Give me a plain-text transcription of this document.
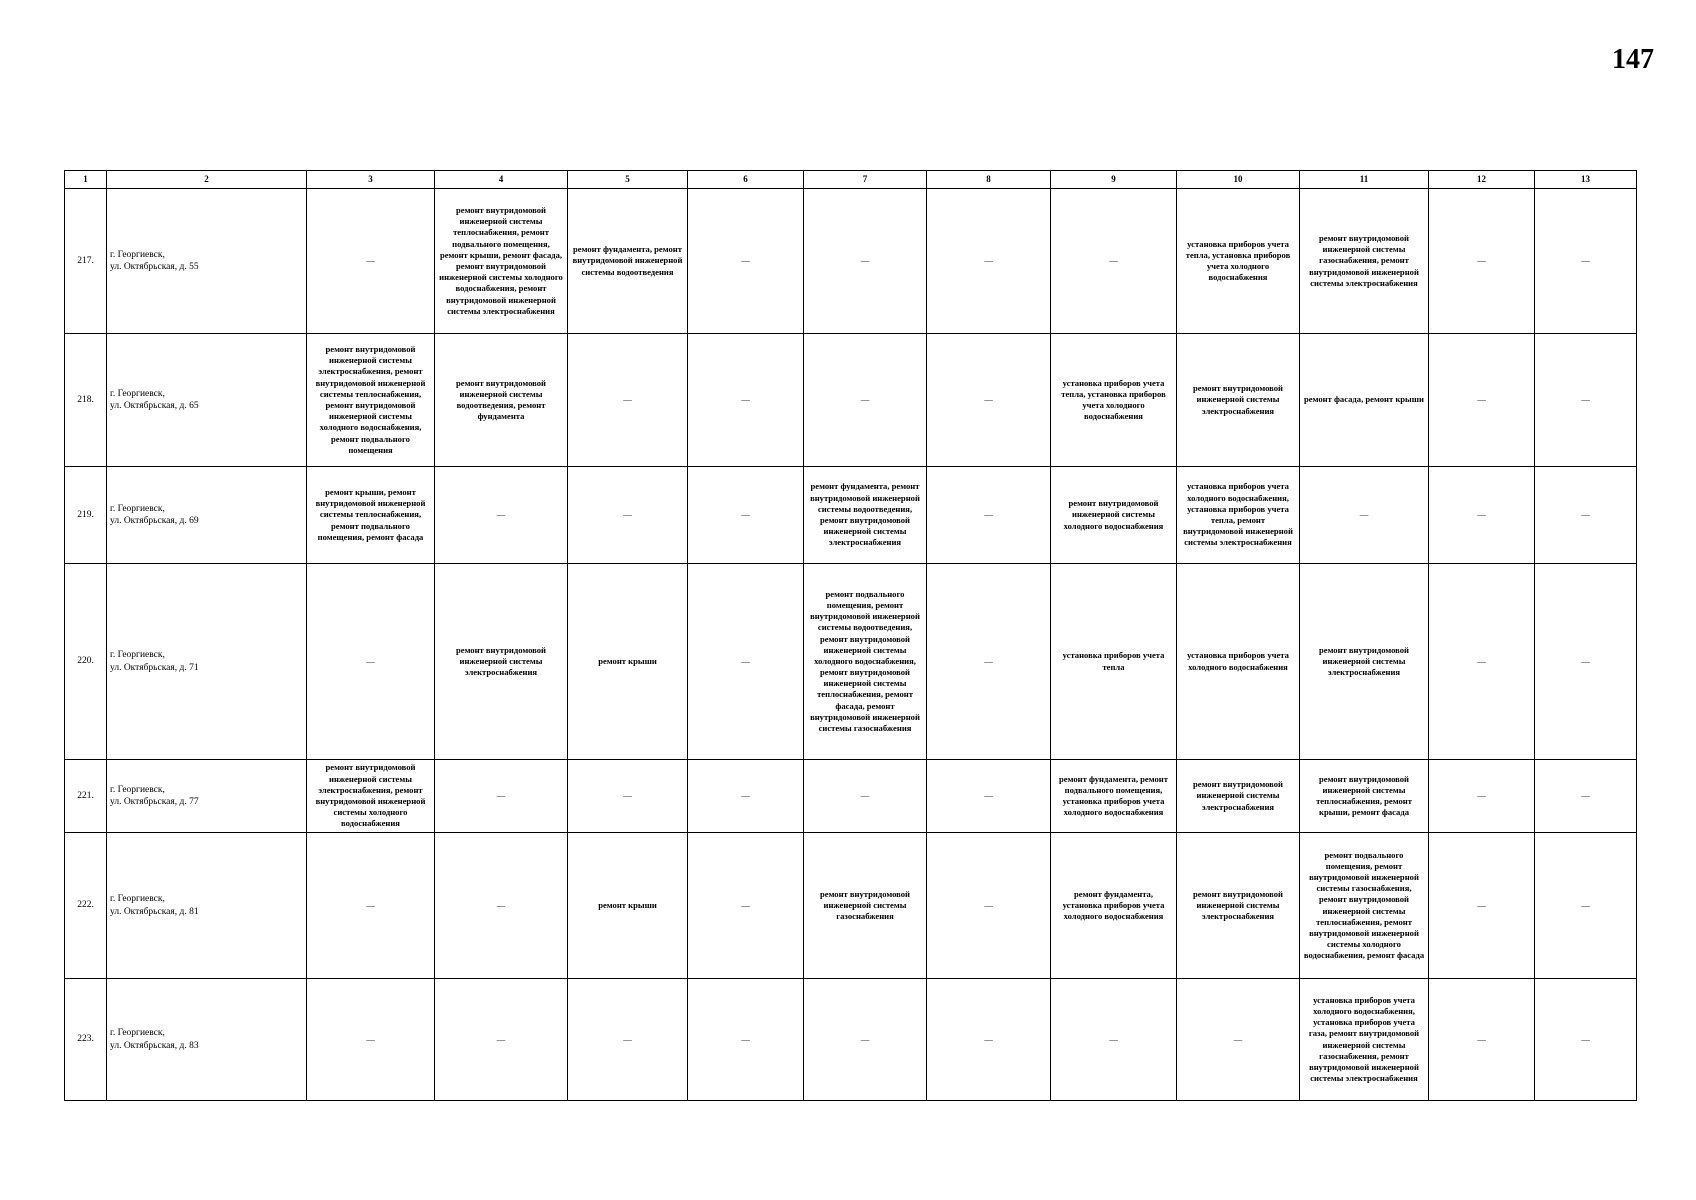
147
1	2	3	4	5	6	7	8	9	10	11	12	13
217.	г. Георгиевск,
ул. Октябрьская, д. 55	—	ремонт внутридомовой инженерной системы теплоснабжения, ремонт подвального помещения, ремонт крыши, ремонт фасада, ремонт внутридомовой инженерной системы холодного водоснабжения, ремонт внутридомовой инженерной системы электроснабжения	ремонт фундамента, ремонт внутридомовой инженерной системы водоотведения	—	—	—	—	установка приборов учета тепла, установка приборов учета холодного водоснабжения	ремонт внутридомовой инженерной системы газоснабжения, ремонт внутридомовой инженерной системы электроснабжения	—	—
218.	г. Георгиевск,
ул. Октябрьская, д. 65	ремонт внутридомовой инженерной системы электроснабжения, ремонт внутридомовой инженерной системы теплоснабжения, ремонт внутридомовой инженерной системы холодного водоснабжения, ремонт подвального помещения	ремонт внутридомовой инженерной системы водоотведения, ремонт фундамента	—	—	—	—	установка приборов учета тепла, установка приборов учета холодного водоснабжения	ремонт внутридомовой инженерной системы электроснабжения	ремонт фасада, ремонт крыши	—	—
219.	г. Георгиевск,
ул. Октябрьская, д. 69	ремонт крыши, ремонт внутридомовой инженерной системы теплоснабжения, ремонт подвального помещения, ремонт фасада	—	—	—	ремонт фундамента, ремонт внутридомовой инженерной системы водоотведения, ремонт внутридомовой инженерной системы электроснабжения	—	ремонт внутридомовой инженерной системы холодного водоснабжения	установка приборов учета холодного водоснабжения, установка приборов учета тепла, ремонт внутридомовой инженерной системы электроснабжения	—	—	—
220.	г. Георгиевск,
ул. Октябрьская, д. 71	—	ремонт внутридомовой инженерной системы электроснабжения	ремонт крыши	—	ремонт подвального помещения, ремонт внутридомовой инженерной системы водоотведения, ремонт внутридомовой инженерной системы холодного водоснабжения, ремонт внутридомовой инженерной системы теплоснабжения, ремонт фасада, ремонт внутридомовой инженерной системы газоснабжения	—	установка приборов учета тепла	установка приборов учета холодного водоснабжения	ремонт внутридомовой инженерной системы электроснабжения	—	—
221.	г. Георгиевск,
ул. Октябрьская, д. 77	ремонт внутридомовой инженерной системы электроснабжения, ремонт внутридомовой инженерной системы холодного водоснабжения	—	—	—	—	—	ремонт фундамента, ремонт подвального помещения, установка приборов учета холодного водоснабжения	ремонт внутридомовой инженерной системы электроснабжения	ремонт внутридомовой инженерной системы теплоснабжения, ремонт крыши, ремонт фасада	—	—
222.	г. Георгиевск,
ул. Октябрьская, д. 81	—	—	ремонт крыши	—	ремонт внутридомовой инженерной системы газоснабжения	—	ремонт фундамента, установка приборов учета холодного водоснабжения	ремонт внутридомовой инженерной системы электроснабжения	ремонт подвального помещения, ремонт внутридомовой инженерной системы газоснабжения, ремонт внутридомовой инженерной системы теплоснабжения, ремонт внутридомовой инженерной системы холодного водоснабжения, ремонт фасада	—	—
223.	г. Георгиевск,
ул. Октябрьская, д. 83	—	—	—	—	—	—	—	—	установка приборов учета холодного водоснабжения, установка приборов учета газа, ремонт внутридомовой инженерной системы газоснабжения, ремонт внутридомовой инженерной системы электроснабжения	—	—
